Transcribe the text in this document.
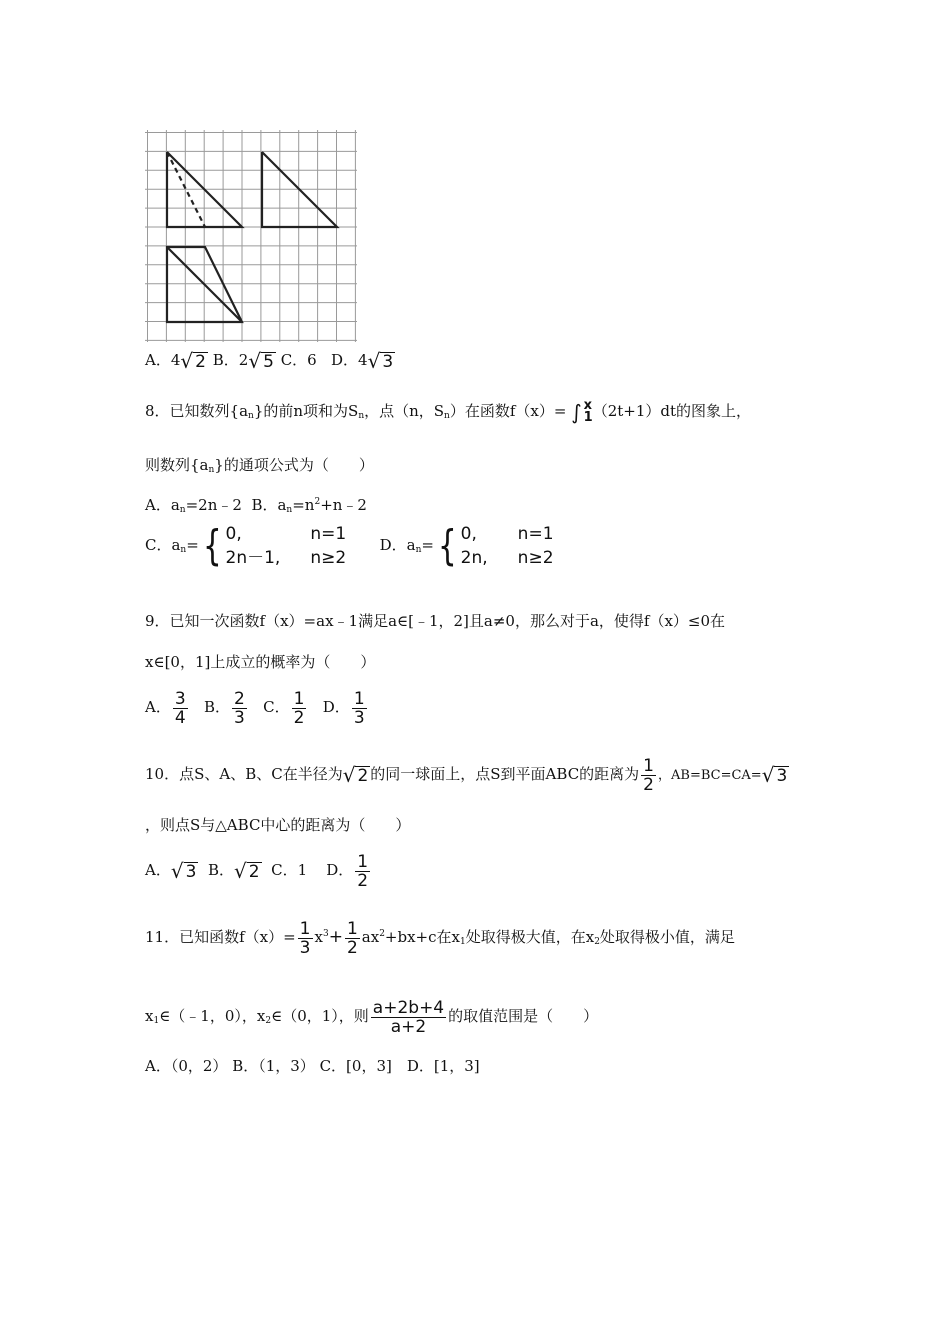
A．4 √ 2 B．2 √ 5 C．6 D．4 √ 3
8．已知数列$\{a_n\}$的前n项和为$S_n$，点（n，$S_n$）在函数f（x）= ∫ x
1 （2t+1）dt的图象上，
则数列$\{a_n\}$的通项公式为（　　）
A．$a_n=2n﹣2$ B．$a_n=n^2+n﹣2$
C．$a_n=$ { 0,	n=1
2n－1, n≥2
D．$a_n=$ { 0,	n=1
2n, n≥2
9．已知一次函数f（x）=ax﹣1满足a∈[﹣1，2]且a≠0，那么对于a，使得f（x）≤0在
x∈[0，1]上成立的概率为（　　）
A． $\frac{3}{4}$ B． $\frac{2}{3}$ C． $\frac{1}{2}$ D． $\frac{1}{3}$
10．点S、A、B、C在半径为 √ 2 的同一球面上，点S到平面ABC的距离为 $\frac{1}{2}$ ，AB=BC=CA= √ 3
，则点S与△ABC中心的距离为（　　）
A． √ 3 B． √ 2 C．1 D． $\frac{1}{2}$
11．已知函数$f(x)= \frac{1}{3} x^3+ \frac{1}{2} ax^2+bx+c$在$x_1$处取得极大值，在$x_2$处取得极小值，满足
$x_1\in(﹣1$，0），$x_2\in(0$，1），则 $\frac{a+2b+4}{a+2}$ 的取值范围是（　　）
A．（0，2） B．（1，3） C．[0，3]　D．[1，3]
